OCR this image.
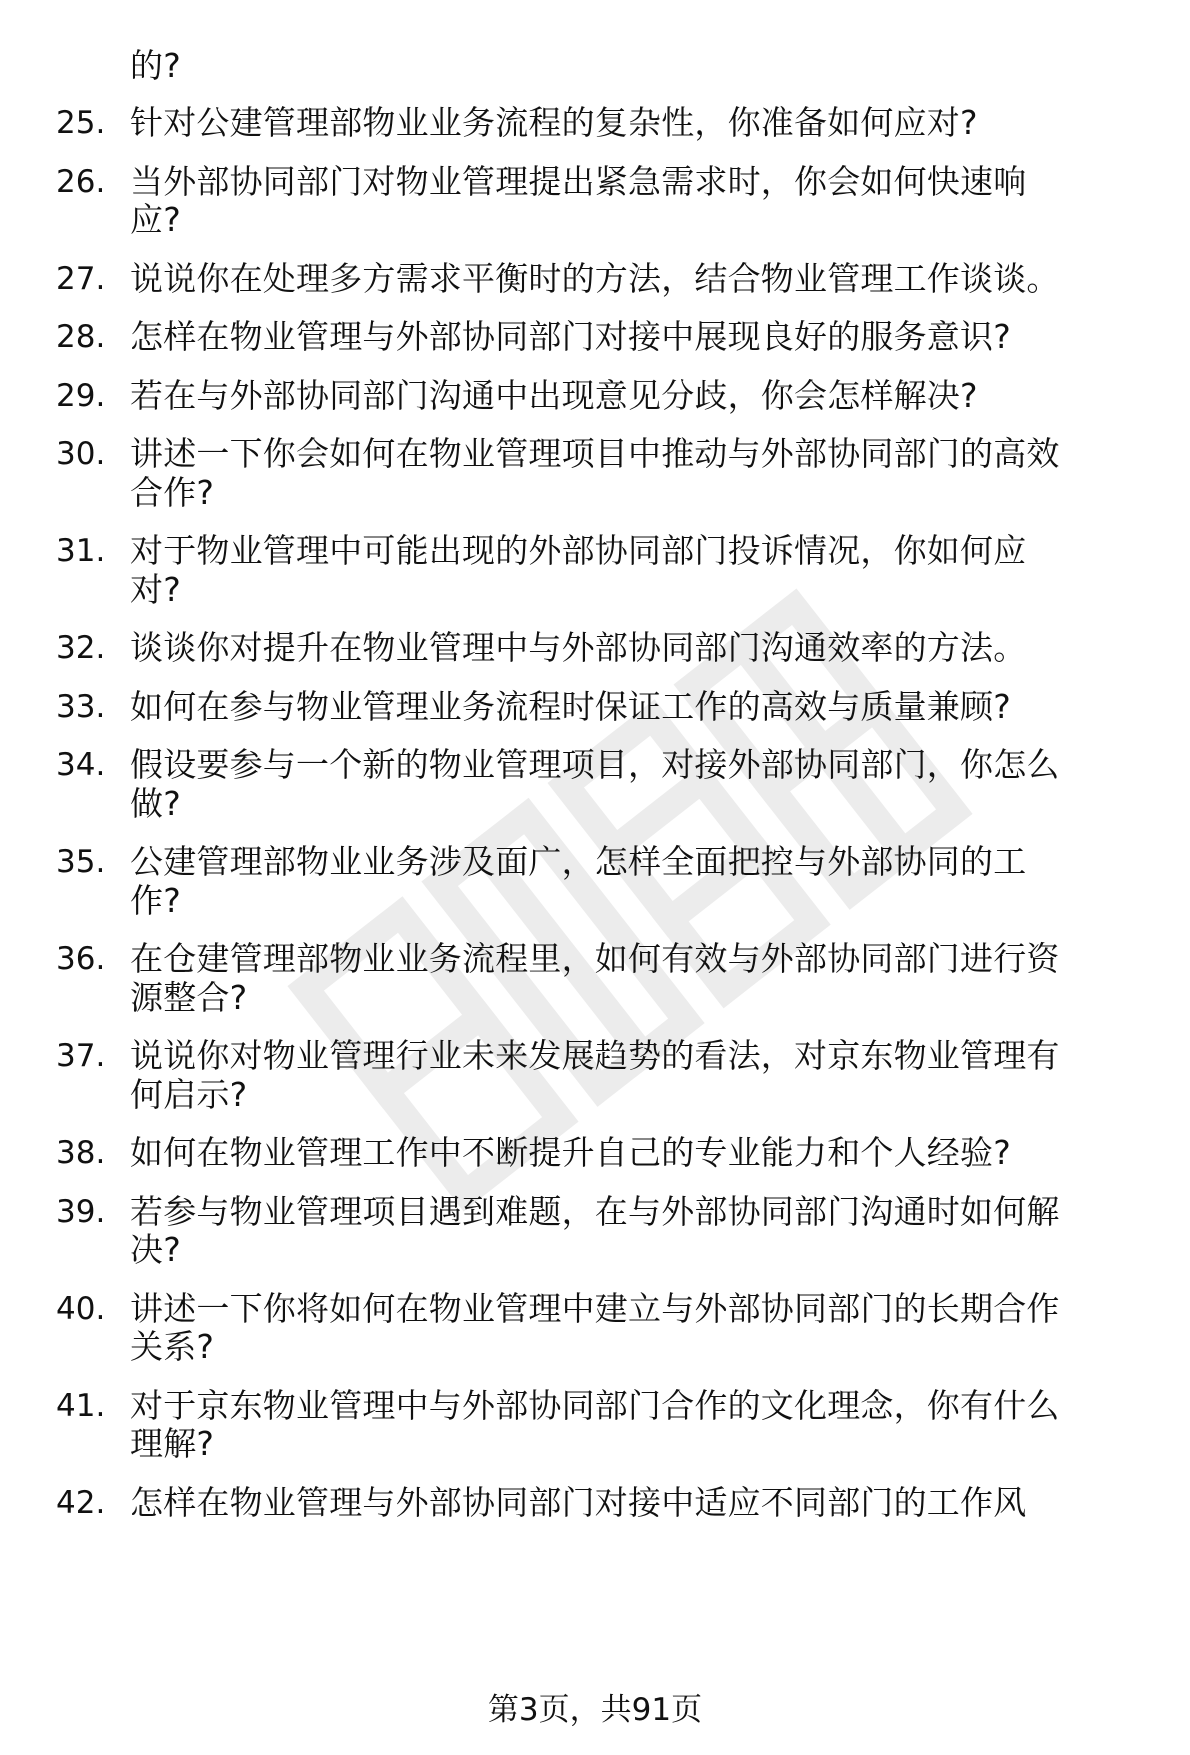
的?
25. 针对公建管理部物业业务流程的复杂性，你准备如何应对?
26. 当外部协同部门对物业管理提出紧急需求时，你会如何快速响
应?
27. 说说你在处理多方需求平衡时的方法，结合物业管理工作谈谈。
28. 怎样在物业管理与外部协同部门对接中展现良好的服务意识?
29. 若在与外部协同部门沟通中出现意见分歧，你会怎样解决?
30. 讲述一下你会如何在物业管理项目中推动与外部协同部门的高效
合作?
31. 对于物业管理中可能出现的外部协同部门投诉情况，你如何应
对?
32. 谈谈你对提升在物业管理中与外部协同部门沟通效率的方法。
33. 如何在参与物业管理业务流程时保证工作的高效与质量兼顾?
34. 假设要参与一个新的物业管理项目，对接外部协同部门，你怎么
做?
35. 公建管理部物业业务涉及面广，怎样全面把控与外部协同的工
作?
36. 在仓建管理部物业业务流程里，如何有效与外部协同部门进行资
源整合?
37. 说说你对物业管理行业未来发展趋势的看法，对京东物业管理有
何启示?
38. 如何在物业管理工作中不断提升自己的专业能力和个人经验?
39. 若参与物业管理项目遇到难题，在与外部协同部门沟通时如何解
决?
40. 讲述一下你将如何在物业管理中建立与外部协同部门的长期合作
关系?
41. 对于京东物业管理中与外部协同部门合作的文化理念，你有什么
理解?
42. 怎样在物业管理与外部协同部门对接中适应不同部门的工作风
第3页，共91页
